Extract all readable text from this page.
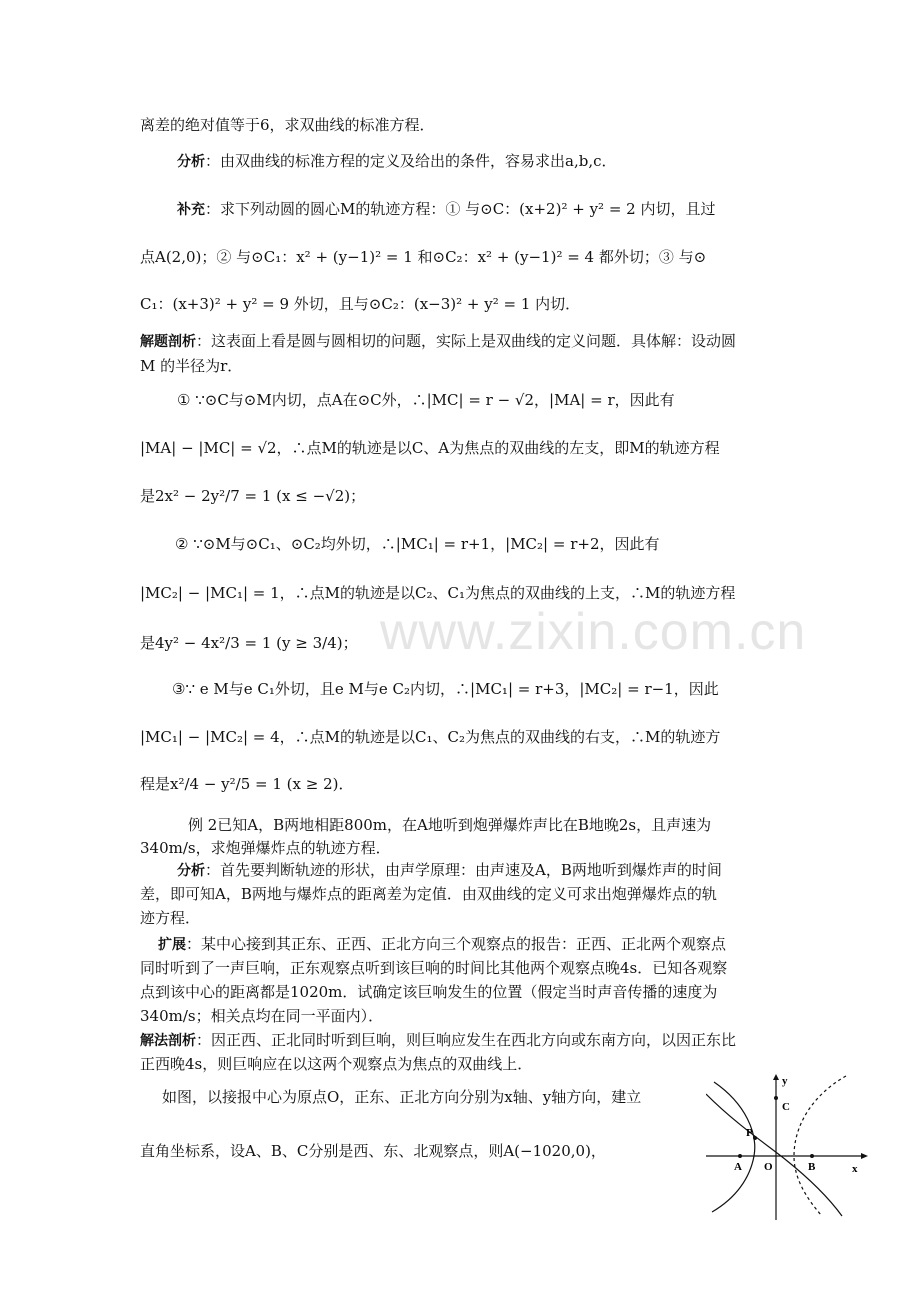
离差的绝对值等于6，求双曲线的标准方程．
分析：由双曲线的标准方程的定义及给出的条件，容易求出a,b,c．
补充：求下列动圆的圆心M的轨迹方程：① 与⊙C：(x+2)² + y² = 2 内切，且过
点A(2,0)；② 与⊙C₁：x² + (y−1)² = 1 和⊙C₂：x² + (y−1)² = 4 都外切；③ 与⊙
C₁：(x+3)² + y² = 9 外切，且与⊙C₂：(x−3)² + y² = 1 内切．
解题剖析：这表面上看是圆与圆相切的问题，实际上是双曲线的定义问题．具体解：设动圆
M 的半径为r．
① ∵⊙C与⊙M内切，点A在⊙C外，∴|MC| = r − √2，|MA| = r，因此有
|MA| − |MC| = √2，∴点M的轨迹是以C、A为焦点的双曲线的左支，即M的轨迹方程
是2x² − 2y²/7 = 1 (x ≤ −√2)；
② ∵⊙M与⊙C₁、⊙C₂均外切，∴|MC₁| = r+1，|MC₂| = r+2，因此有
|MC₂| − |MC₁| = 1，∴点M的轨迹是以C₂、C₁为焦点的双曲线的上支，∴M的轨迹方程
是4y² − 4x²/3 = 1 (y ≥ 3/4)；
③∵ e M与e C₁外切，且e M与e C₂内切，∴|MC₁| = r+3，|MC₂| = r−1，因此
|MC₁| − |MC₂| = 4，∴点M的轨迹是以C₁、C₂为焦点的双曲线的右支，∴M的轨迹方
程是x²/4 − y²/5 = 1 (x ≥ 2)．
例 2已知A，B两地相距800m，在A地听到炮弹爆炸声比在B地晚2s，且声速为
340m/s，求炮弹爆炸点的轨迹方程．
分析：首先要判断轨迹的形状，由声学原理：由声速及A，B两地听到爆炸声的时间
差，即可知A，B两地与爆炸点的距离差为定值．由双曲线的定义可求出炮弹爆炸点的轨
迹方程．
扩展：某中心接到其正东、正西、正北方向三个观察点的报告：正西、正北两个观察点
同时听到了一声巨响，正东观察点听到该巨响的时间比其他两个观察点晚4s．已知各观察
点到该中心的距离都是1020m．试确定该巨响发生的位置（假定当时声音传播的速度为
340m/s；相关点均在同一平面内）．
解法剖析：因正西、正北同时听到巨响，则巨响应发生在西北方向或东南方向，以因正东比
正西晚4s，则巨响应在以这两个观察点为焦点的双曲线上．
如图，以接报中心为原点O，正东、正北方向分别为x轴、y轴方向，建立
直角坐标系，设A、B、C分别是西、东、北观察点，则A(−1020,0)，
www.zixin.com.cn
y
x
O
A	B
C
P
